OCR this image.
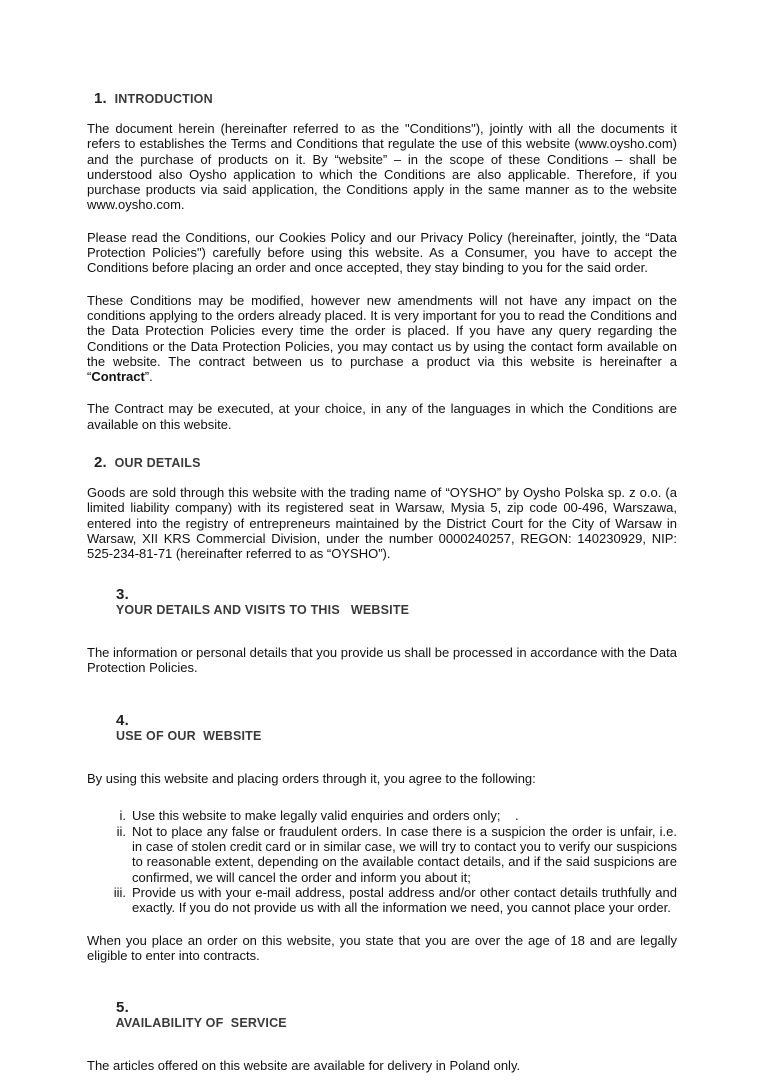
1. INTRODUCTION

The document herein (hereinafter referred to as the "Conditions"), jointly with all the documents it refers to establishes the Terms and Conditions that regulate the use of this website (www.oysho.com) and the purchase of products on it. By “website” – in the scope of these Conditions – shall be understood also Oysho application to which the Conditions are also applicable. Therefore, if you purchase products via said application, the Conditions apply in the same manner as to the website www.oysho.com.

Please read the Conditions, our Cookies Policy and our Privacy Policy (hereinafter, jointly, the “Data Protection Policies") carefully before using this website. As a Consumer, you have to accept the Conditions before placing an order and once accepted, they stay binding to you for the said order.

These Conditions may be modified, however new amendments will not have any impact on the conditions applying to the orders already placed. It is very important for you to read the Conditions and the Data Protection Policies every time the order is placed. If you have any query regarding the Conditions or the Data Protection Policies, you may contact us by using the contact form available on the website. The contract between us to purchase a product via this website is hereinafter a “Contract”.

The Contract may be executed, at your choice, in any of the languages in which the Conditions are available on this website.

2. OUR DETAILS

Goods are sold through this website with the trading name of “OYSHO” by Oysho Polska sp. z o.o. (a limited liability company) with its registered seat in Warsaw, Mysia 5, zip code 00-496, Warszawa, entered into the registry of entrepreneurs maintained by the District Court for the City of Warsaw in Warsaw, XII KRS Commercial Division, under the number 0000240257, REGON: 140230929, NIP: 525-234-81-71 (hereinafter referred to as “OYSHO”).

3.
YOUR DETAILS AND VISITS TO THIS   WEBSITE

The information or personal details that you provide us shall be processed in accordance with the Data Protection Policies.

4.
USE OF OUR  WEBSITE

By using this website and placing orders through it, you agree to the following:

i. Use this website to make legally valid enquiries and orders only;    .
ii. Not to place any false or fraudulent orders. In case there is a suspicion the order is unfair, i.e. in case of stolen credit card or in similar case, we will try to contact you to verify our suspicions to reasonable extent, depending on the available contact details, and if the said suspicions are confirmed, we will cancel the order and inform you about it;
iii. Provide us with your e-mail address, postal address and/or other contact details truthfully and exactly. If you do not provide us with all the information we need, you cannot place your order.

When you place an order on this website, you state that you are over the age of 18 and are legally eligible to enter into contracts.

5.
AVAILABILITY OF  SERVICE

The articles offered on this website are available for delivery in Poland only.
